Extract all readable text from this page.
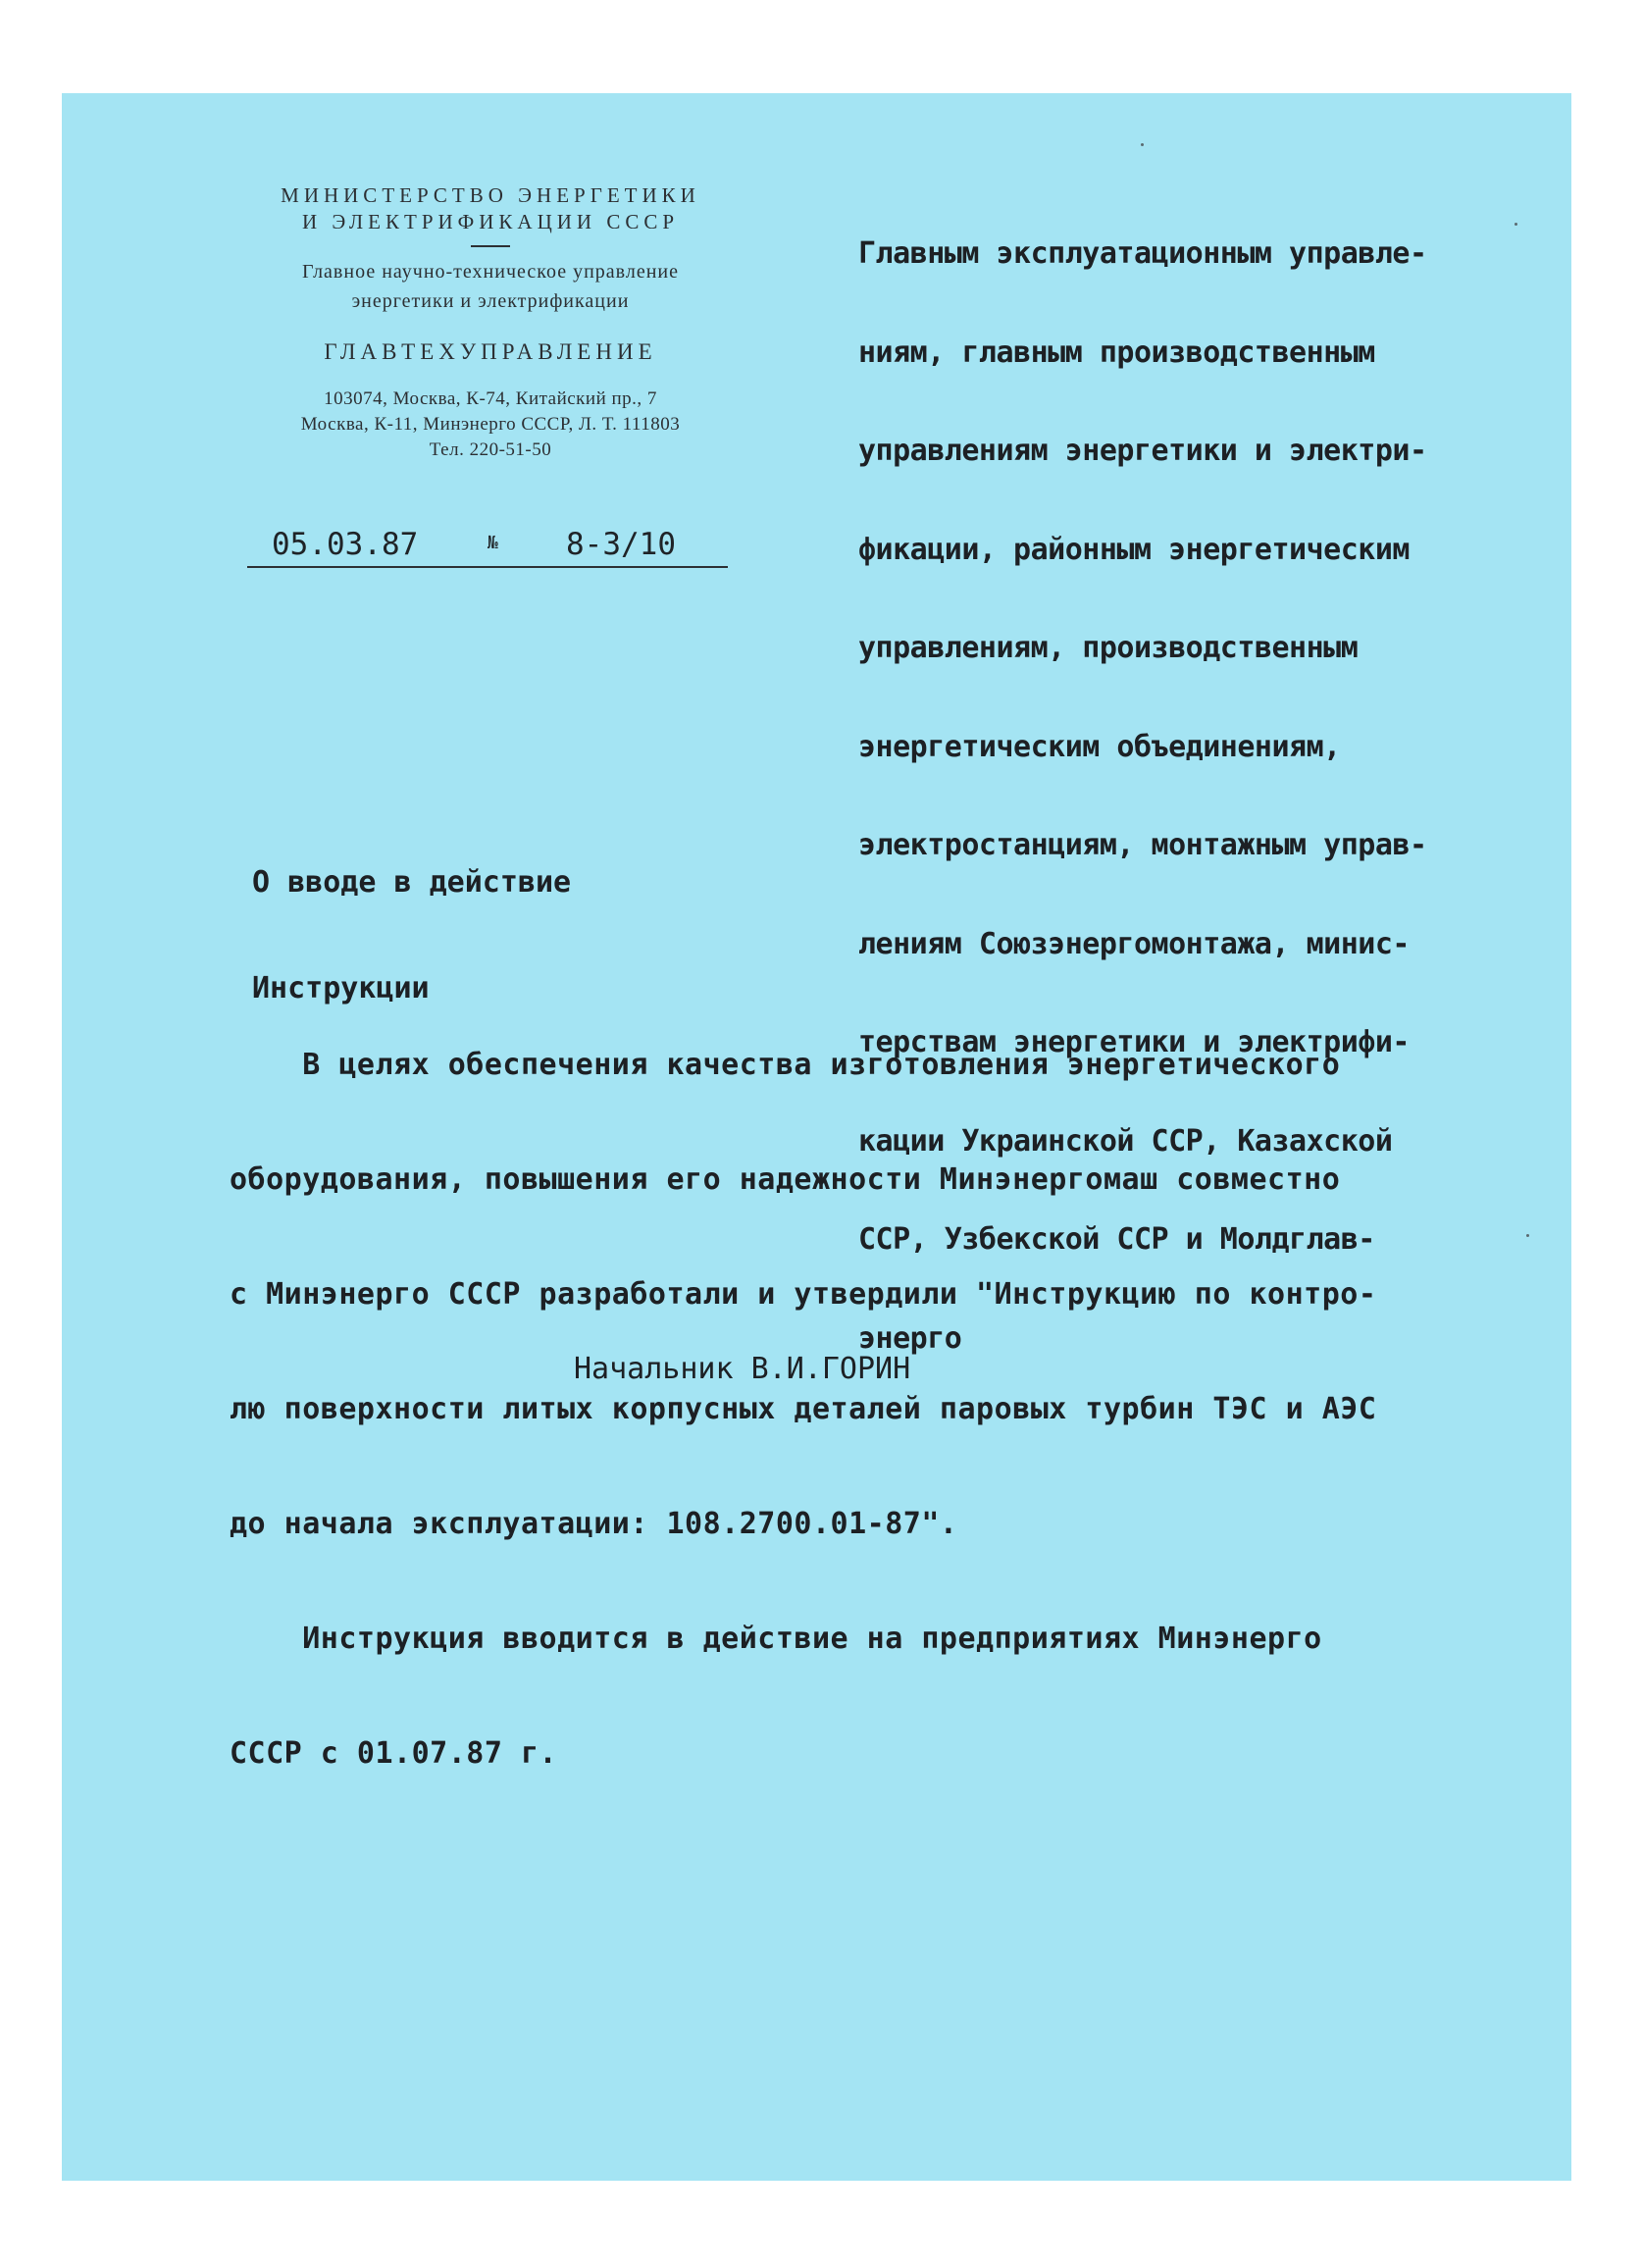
МИНИСТЕРСТВО ЭНЕРГЕТИКИ
И ЭЛЕКТРИФИКАЦИИ СССР
Главное научно-техническое управление
энергетики и электрификации
ГЛАВТЕХУПРАВЛЕНИЕ
103074, Москва, К-74, Китайский пр., 7
Москва, К-11, Минэнерго СССР, Л. Т. 111803
Тел. 220-51-50
05.03.87	№ 8-3/10

Главным эксплуатационным управле-

ниям, главным производственным

управлениям энергетики и электри-

фикации, районным энергетическим

управлениям, производственным

энергетическим объединениям,

электростанциям, монтажным управ-

лениям Союзэнергомонтажа, минис-

терствам энергетики и электрифи-

кации Украинской ССР, Казахской

ССР, Узбекской ССР и Молдглав-

энерго

О вводе в действие

Инструкции

В целях обеспечения качества изготовления энергетического

оборудования, повышения его надежности Минэнергомаш совместно

с Минэнерго СССР разработали и утвердили "Инструкцию по контро-

лю поверхности литых корпусных деталей паровых турбин ТЭС и АЭС

до начала эксплуатации: 108.2700.01-87".

Инструкция вводится в действие на предприятиях Минэнерго

СССР с 01.07.87 г.

Начальник В.И.ГОРИН
